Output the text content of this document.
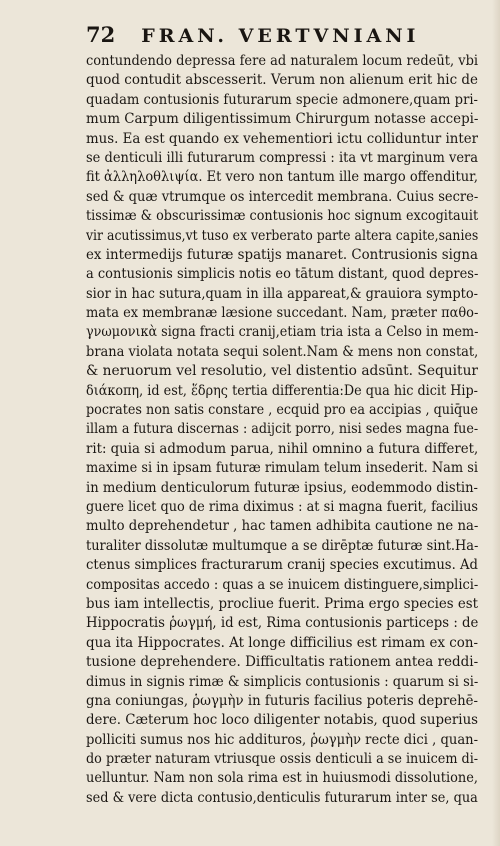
72 FRAN. VERTVNIANI
contundendo depressa fere ad naturalem locum redeūt, vbi
quod contudit abscesserit. Verum non alienum erit hic de
quadam contusionis futurarum specie admonere,quam pri-
mum Carpum diligentissimum Chirurgum notasse accepi-
mus. Ea est quando ex vehementiori ictu colliduntur inter
se denticuli illi futurarum compressi : ita vt marginum vera
fit ἀλληλοθλιψία. Et vero non tantum ille margo offenditur,
sed & quæ vtrumque os intercedit membrana. Cuius secre-
tissimæ & obscurissimæ contusionis hoc signum excogitauit
vir acutissimus,vt tuso ex verberato parte altera capite,sanies
ex intermedijs futuræ spatijs manaret. Contrusionis signa
a contusionis simplicis notis eo tātum distant, quod depres-
sior in hac sutura,quam in illa appareat,& grauiora sympto-
mata ex membranæ læsione succedant. Nam, præter παθο-
γνωμονικὰ signa fracti cranij,etiam tria ista a Celso in mem-
brana violata notata sequi solent.Nam & mens non constat,
& neruorum vel resolutio, vel distentio adsūnt. Sequitur
διάκοπη, id est, ἕδρης tertia differentia:De qua hic dicit Hip-
pocrates non satis constare , ecquid pro ea accipias , quiq̄ue
illam a futura discernas : adijcit porro, nisi sedes magna fue-
rit: quia si admodum parua, nihil omnino a futura differet,
maxime si in ipsam futuræ rimulam telum insederit. Nam si
in medium denticulorum futuræ ipsius, eodemmodo distin-
guere licet quo de rima diximus : at si magna fuerit, facilius
multo deprehendetur , hac tamen adhibita cautione ne na-
turaliter dissolutæ multumque a se dirēptæ futuræ sint.Ha-
ctenus simplices fracturarum cranij species excutimus. Ad
compositas accedo : quas a se inuicem distinguere,simplici-
bus iam intellectis, procliue fuerit. Prima ergo species est
Hippocratis ῥωγμή, id est, Rima contusionis particeps : de
qua ita Hippocrates. At longe difficilius est rimam ex con-
tusione deprehendere. Difficultatis rationem antea reddi-
dimus in signis rimæ & simplicis contusionis : quarum si si-
gna coniungas, ῥωγμὴν in futuris facilius poteris deprehē-
dere. Cæterum hoc loco diligenter notabis, quod superius
polliciti sumus nos hic addituros, ῥωγμὴν recte dici , quan-
do præter naturam vtriusque ossis denticuli a se inuicem di-
uelluntur. Nam non sola rima est in huiusmodi dissolutione,
sed & vere dicta contusio,denticulis futurarum inter se, qua
